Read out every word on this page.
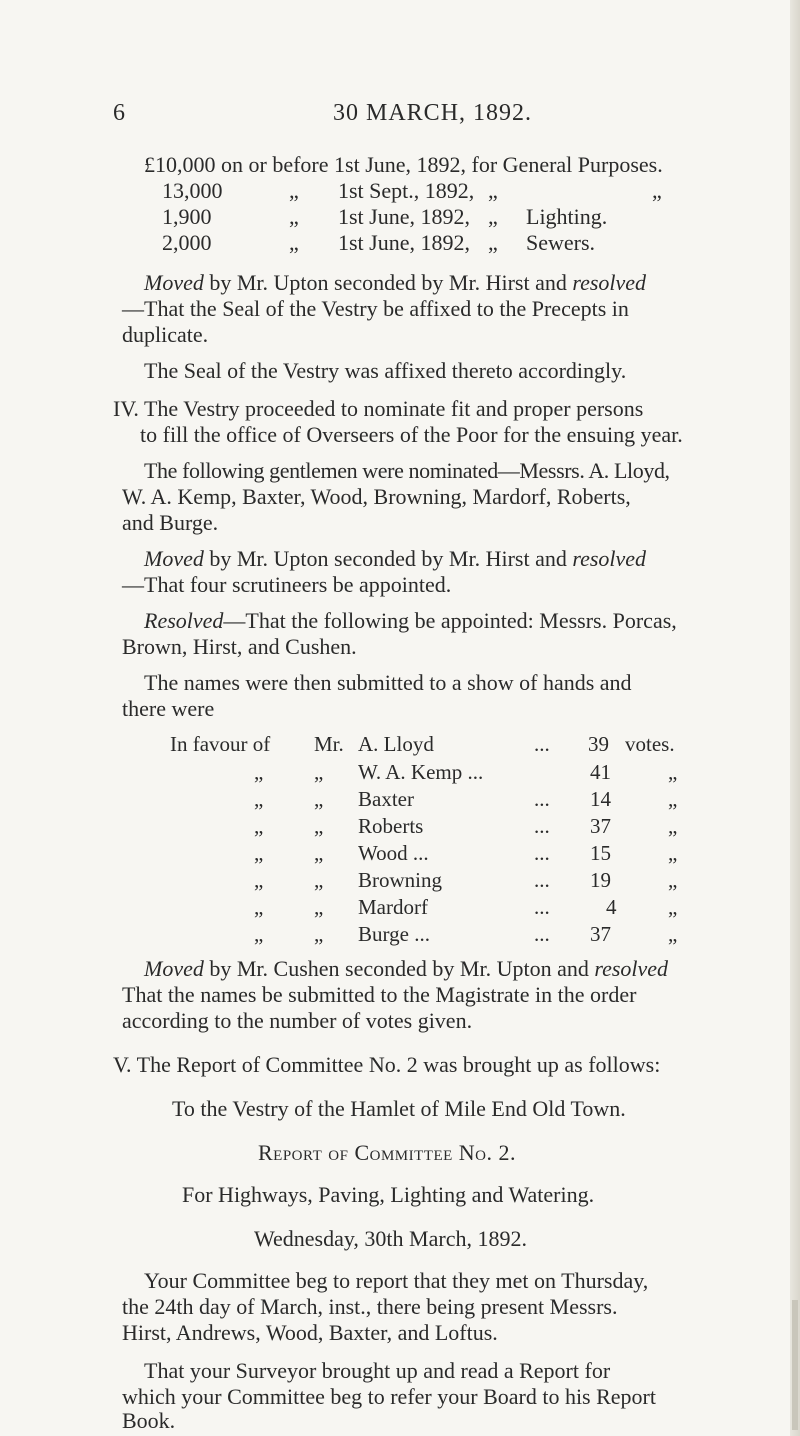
6	30 MARCH, 1892.
£10,000 on or before 1st June, 1892, for General Purposes.
13,000	„ 1st Sept., 1892, „	„
1,900	„ 1st June, 1892, „ Lighting.
2,000	„ 1st June, 1892, „ Sewers.
Moved by Mr. Upton seconded by Mr. Hirst and resolved
—That the Seal of the Vestry be affixed to the Precepts in
duplicate.
The Seal of the Vestry was affixed thereto accordingly.
IV. The Vestry proceeded to nominate fit and proper persons
to fill the office of Overseers of the Poor for the ensuing year.
The following gentlemen were nominated—Messrs. A. Lloyd,
W. A. Kemp, Baxter, Wood, Browning, Mardorf, Roberts,
and Burge.
Moved by Mr. Upton seconded by Mr. Hirst and resolved
—That four scrutineers be appointed.
Resolved—That the following be appointed: Messrs. Porcas,
Brown, Hirst, and Cushen.
The names were then submitted to a show of hands and
there were
In favour of Mr. A. Lloyd	... 39 votes.
„ „ W. A. Kemp ...	41	„
„ „ Baxter	... 14	„
„ „ Roberts	... 37	„
„ „ Wood ...	... 15	„
„ „ Browning	... 19	„
„ „ Mardorf	...	4 „
„ „ Burge ...	... 37	„
Moved by Mr. Cushen seconded by Mr. Upton and resolved
That the names be submitted to the Magistrate in the order
according to the number of votes given.
V. The Report of Committee No. 2 was brought up as follows:
To the Vestry of the Hamlet of Mile End Old Town.
Report of Committee No. 2.
For Highways, Paving, Lighting and Watering.
Wednesday, 30th March, 1892.
Your Committee beg to report that they met on Thursday,
the 24th day of March, inst., there being present Messrs.
Hirst, Andrews, Wood, Baxter, and Loftus.
That your Surveyor brought up and read a Report for
which your Committee beg to refer your Board to his Report
Book.
